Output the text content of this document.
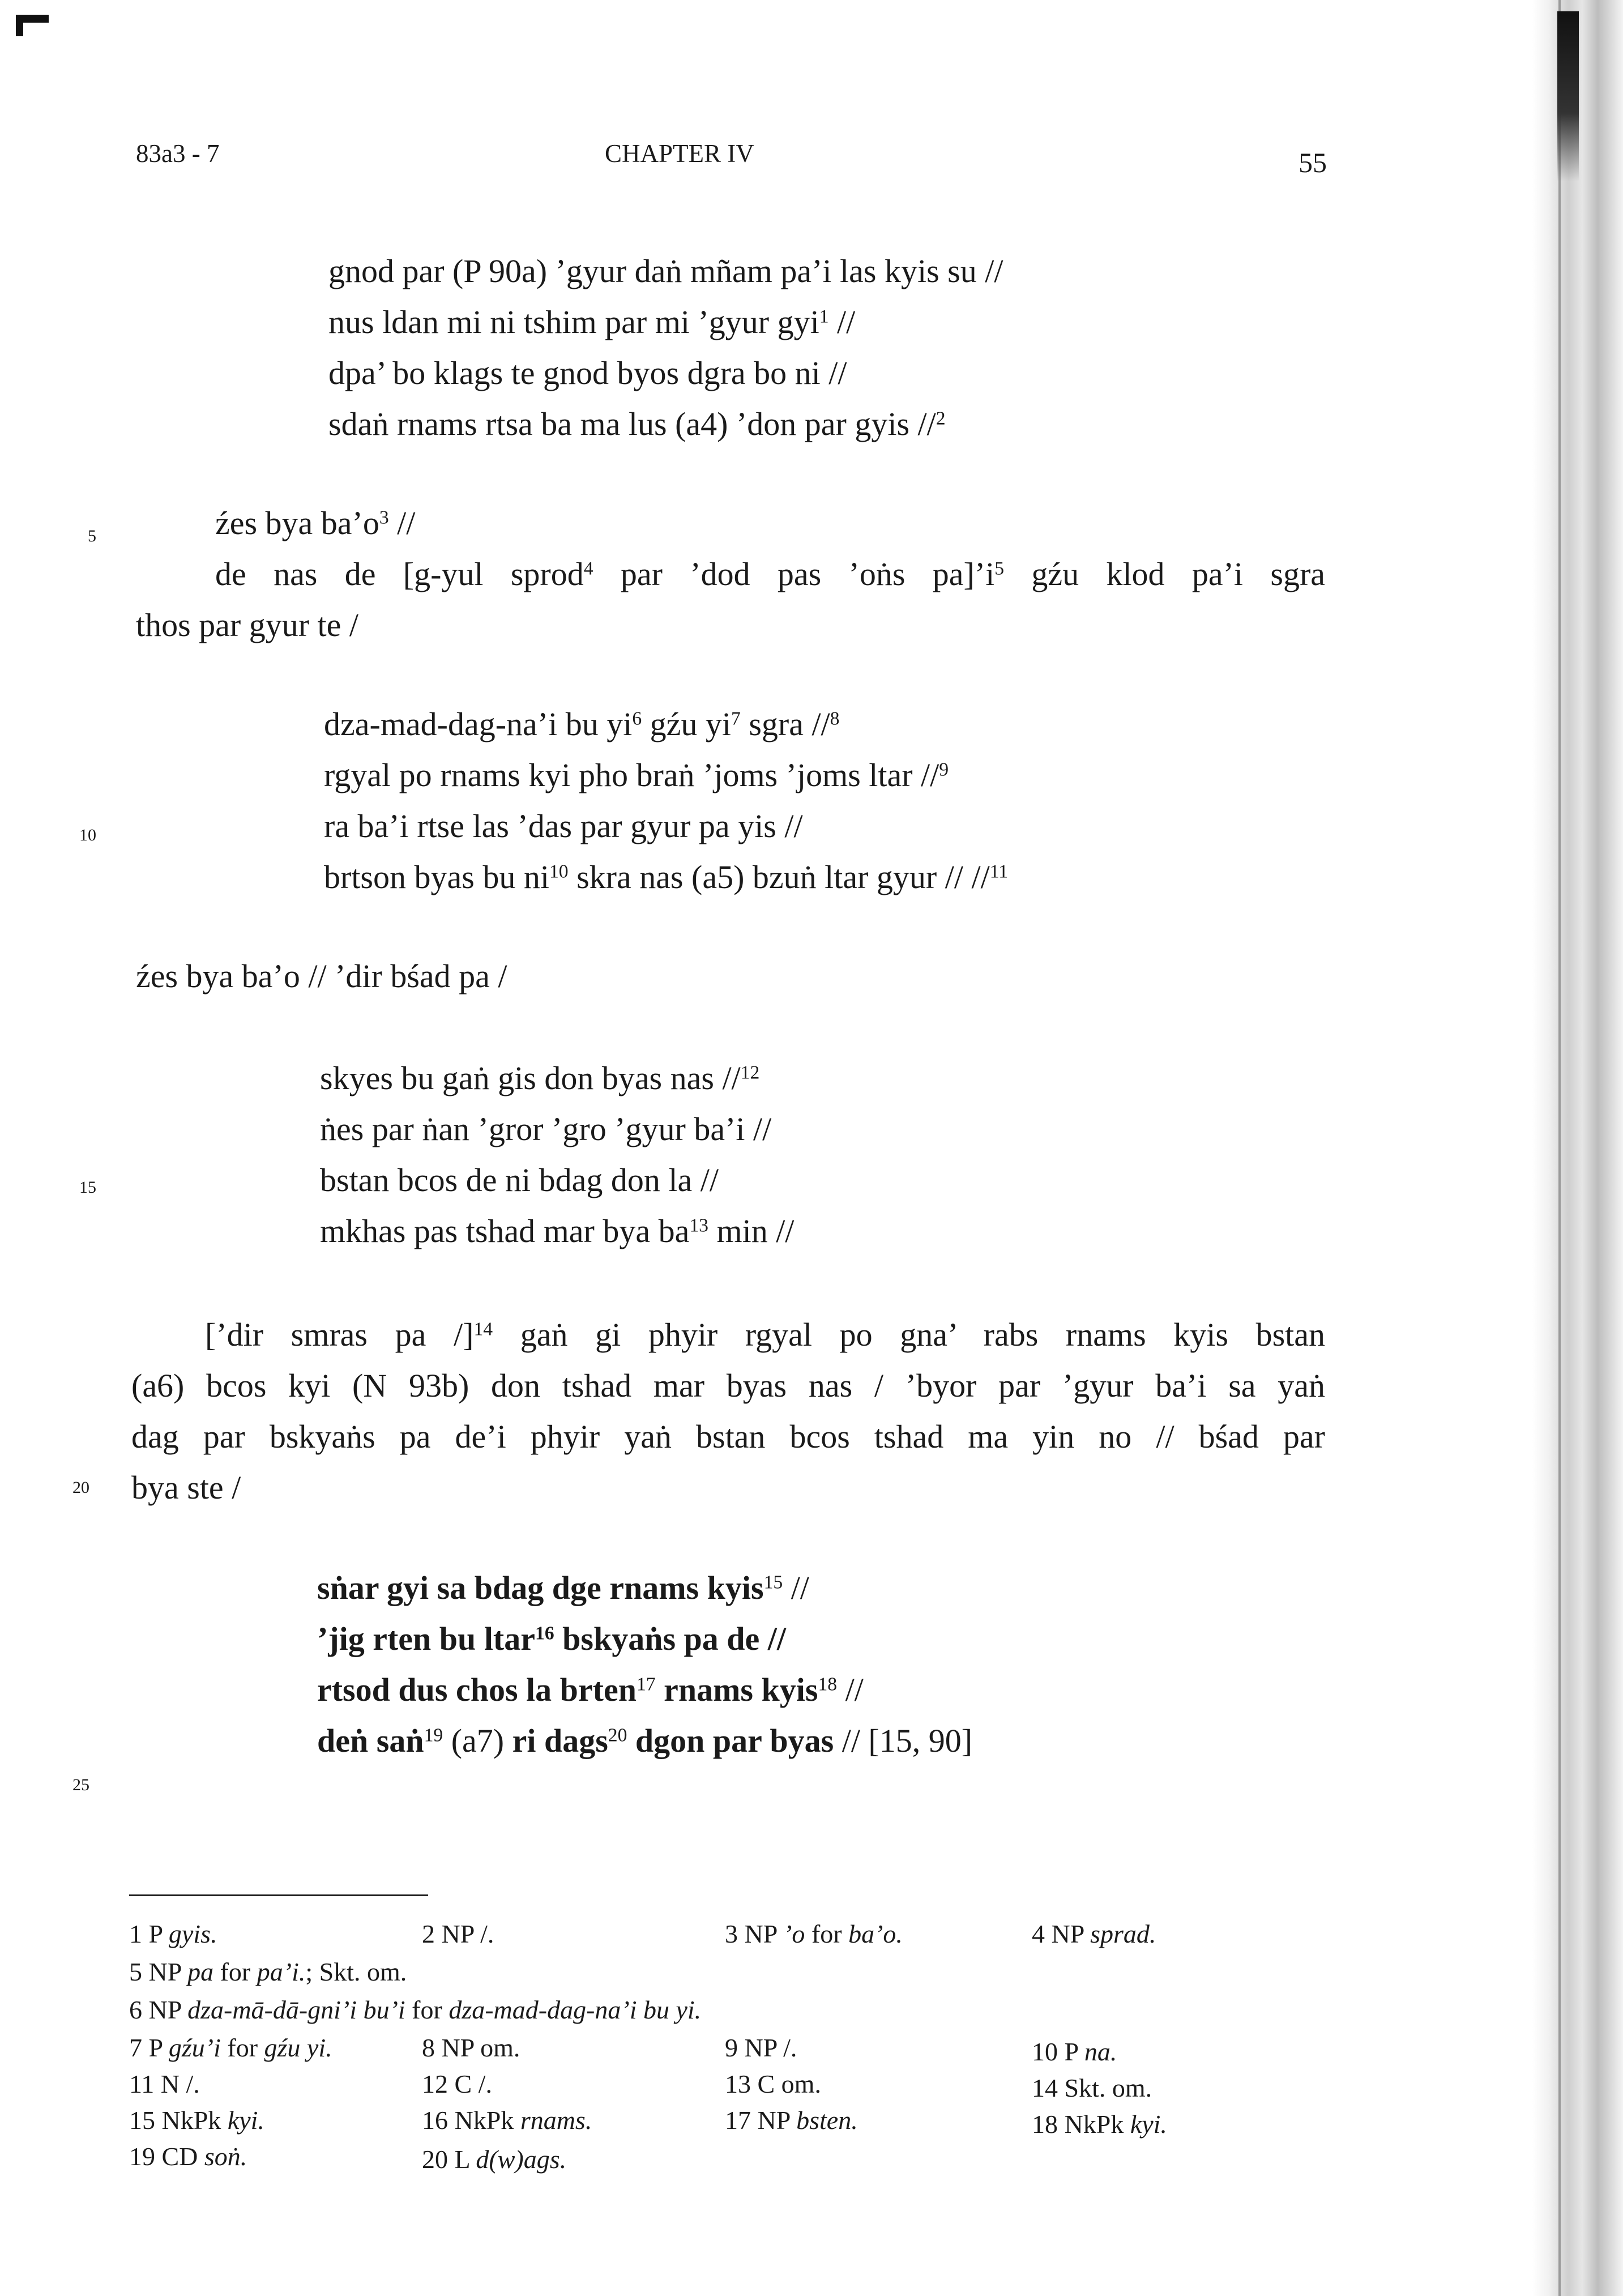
83a3 - 7	CHAPTER IV	55
5
10
15
20
25
gnod par (P 90a) ’gyur daṅ mñam pa’i las kyis su //
nus ldan mi ni tshim par mi ’gyur gyi$^1$ //
dpa’ bo klags te gnod byos dgra bo ni //
sdaṅ rnams rtsa ba ma lus (a4) ’don par gyis //$^2$
źes bya $ba’o^3$ //
de nas de [g-yul sprod$^4$ par ’dod pas ’oṅs $pa]’i^5$ gźu klod pa’i sgra
thos par gyur te /
dza-mad-dag-na’i bu $yi^6$ gźu $yi^7$ sgra //$^8$
rgyal po rnams kyi pho braṅ ’joms ’joms ltar //$^9$
ra ba’i rtse las ’das par gyur pa yis //
brtson byas bu $ni^{10}$ skra nas (a5) bzuṅ ltar gyur // //$^{11}$
źes bya ba’o // ’dir bśad pa /
skyes bu gaṅ gis don byas nas //$^{12}$
ṅes par ṅan ’gror ’gro ’gyur ba’i //
bstan bcos de ni bdag don la //
mkhas pas tshad mar bya $ba^{13}$ min //
[’dir smras pa /]$^{14}$ gaṅ gi phyir rgyal po gna’ rabs rnams kyis bstan
(a6) bcos kyi (N 93b) don tshad mar byas nas / ’byor par ’gyur ba’i sa yaṅ
dag par bskyaṅs pa de’i phyir yaṅ bstan bcos tshad ma yin no // bśad par
bya ste /
sṅar gyi sa bdag dge rnams kyis$^{15}$ //
’jig rten bu ltar$^{16}$ bskyaṅs pa de //
rtsod dus chos la brten$^{17}$ rnams kyis$^{18}$ //
deṅ saṅ$^{19}$ (a7) ri dags$^{20}$ dgon par byas // [15, 90]
1 P gyis.	2 NP /.	3 NP ’o for ba’o.	4 NP sprad.
5 NP pa for pa’i.; Skt. om.
6 NP dza-mā-dā-gni’i bu’i for dza-mad-dag-na’i bu yi.
7 P gźu’i for gźu yi.	8 NP om.	9 NP /.	10 P na.
11 N /.	12 C /.	13 C om.	14 Skt. om.
15 NkPk kyi.	16 NkPk rnams.	17 NP bsten.	18 NkPk kyi.
19 CD soṅ.	20 L d(w)ags.
